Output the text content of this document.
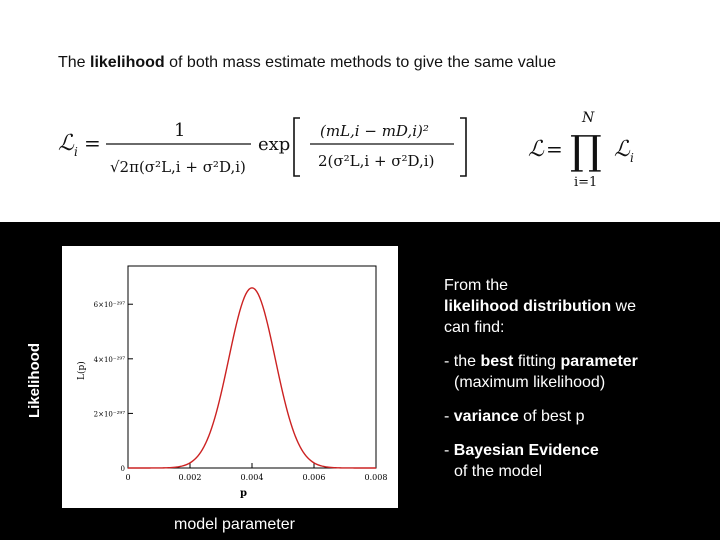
The likelihood of both mass estimate methods to give the same value
ℒ i =
1
√2π(σ²L,i + σ²D,i)
exp
(mL,i − mD,i)²
2(σ²L,i + σ²D,i)	ℒ =
N
∏
i=1
ℒ i
Likelihood	L(p)
p
0	0.002	0.004	0.006	0.008
0
2×10⁻²⁹⁷
4×10⁻²⁹⁷
6×10⁻²⁹⁷
model parameter

From the

likelihood distribution we

can find:

- the best fitting parameter

(maximum likelihood)

- variance of best p

- Bayesian Evidence

of the model
